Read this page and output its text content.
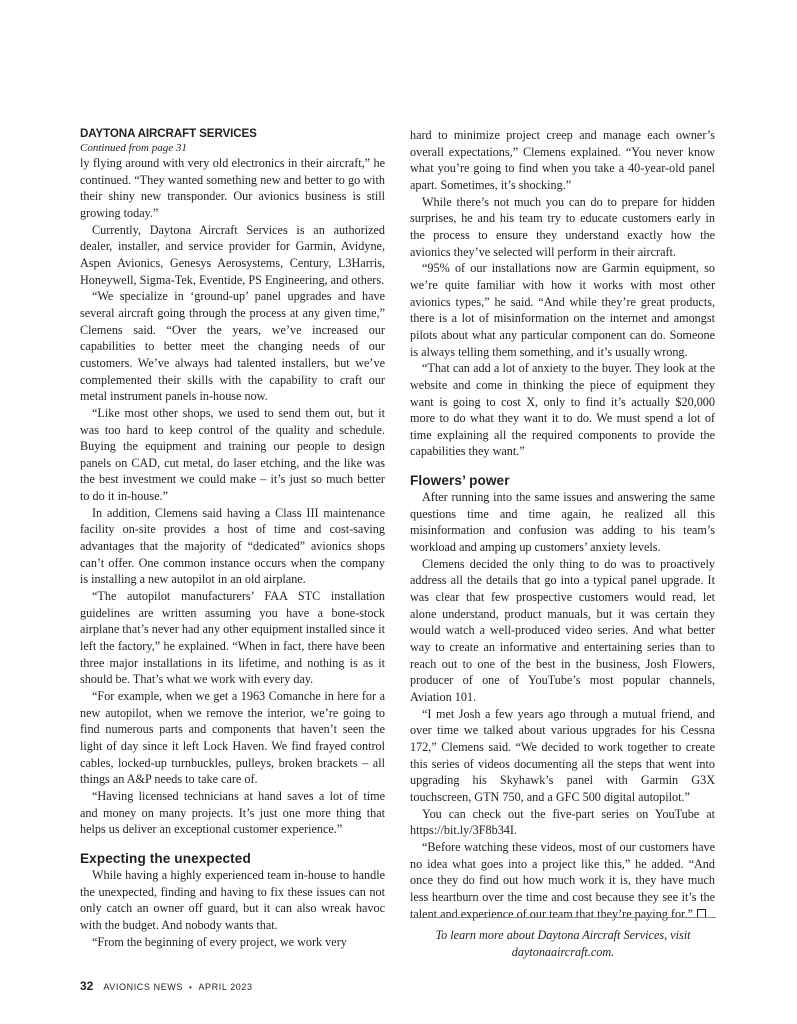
DAYTONA AIRCRAFT SERVICES

Continued from page 31

ly flying around with very old electronics in their aircraft,” he continued. “They wanted something new and better to go with their shiny new transponder. Our avionics business is still growing today.”

Currently, Daytona Aircraft Services is an authorized dealer, installer, and service provider for Garmin, Avidyne, Aspen Avionics, Genesys Aerosystems, Century, L3Harris, Honeywell, Sigma-Tek, Eventide, PS Engineering, and others.

“We specialize in ‘ground-up’ panel upgrades and have several aircraft going through the process at any given time,” Clemens said. “Over the years, we’ve increased our capabilities to better meet the changing needs of our customers. We’ve always had talented installers, but we’ve complemented their skills with the capability to craft our metal instrument panels in-house now.

“Like most other shops, we used to send them out, but it was too hard to keep control of the quality and schedule. Buying the equipment and training our people to design panels on CAD, cut metal, do laser etching, and the like was the best investment we could make – it’s just so much better to do it in-house.”

In addition, Clemens said having a Class III maintenance facility on-site provides a host of time and cost-saving advantages that the majority of “dedicated” avionics shops can’t offer. One common instance occurs when the company is installing a new autopilot in an old airplane.

“The autopilot manufacturers’ FAA STC installation guidelines are written assuming you have a bone-stock airplane that’s never had any other equipment installed since it left the factory,” he explained. “When in fact, there have been three major installations in its lifetime, and nothing is as it should be. That’s what we work with every day.

“For example, when we get a 1963 Comanche in here for a new autopilot, when we remove the interior, we’re going to find numerous parts and components that haven’t seen the light of day since it left Lock Haven. We find frayed control cables, locked-up turnbuckles, pulleys, broken brackets – all things an A&P needs to take care of.

“Having licensed technicians at hand saves a lot of time and money on many projects. It’s just one more thing that helps us deliver an exceptional customer experience.”

Expecting the unexpected

While having a highly experienced team in-house to handle the unexpected, finding and having to fix these issues can not only catch an owner off guard, but it can also wreak havoc with the budget. And nobody wants that.

“From the beginning of every project, we work very

hard to minimize project creep and manage each owner’s overall expectations,” Clemens explained. “You never know what you’re going to find when you take a 40-year-old panel apart. Sometimes, it’s shocking.”

While there’s not much you can do to prepare for hidden surprises, he and his team try to educate customers early in the process to ensure they understand exactly how the avionics they’ve selected will perform in their aircraft.

“95% of our installations now are Garmin equipment, so we’re quite familiar with how it works with most other avionics types,” he said. “And while they’re great products, there is a lot of misinformation on the internet and amongst pilots about what any particular component can do. Someone is always telling them something, and it’s usually wrong.

“That can add a lot of anxiety to the buyer. They look at the website and come in thinking the piece of equipment they want is going to cost X, only to find it’s actually $20,000 more to do what they want it to do. We must spend a lot of time explaining all the required components to provide the capabilities they want.”

Flowers’ power

After running into the same issues and answering the same questions time and time again, he realized all this misinformation and confusion was adding to his team’s workload and amping up customers’ anxiety levels.

Clemens decided the only thing to do was to proactively address all the details that go into a typical panel upgrade. It was clear that few prospective customers would read, let alone understand, product manuals, but it was certain they would watch a well-produced video series. And what better way to create an informative and entertaining series than to reach out to one of the best in the business, Josh Flowers, producer of one of YouTube’s most popular channels, Aviation 101.

“I met Josh a few years ago through a mutual friend, and over time we talked about various upgrades for his Cessna 172,” Clemens said. “We decided to work together to create this series of videos documenting all the steps that went into upgrading his Skyhawk’s panel with Garmin G3X touchscreen, GTN 750, and a GFC 500 digital autopilot.”

You can check out the five-part series on YouTube at https://bit.ly/3F8b34I.

“Before watching these videos, most of our customers have no idea what goes into a project like this,” he added. “And once they do find out how much work it is, they have much less heartburn over the time and cost because they see it’s the talent and experience of our team that they’re paying for.”

To learn more about Daytona Aircraft Services, visit
daytonaaircraft.com.
32 AVIONICS NEWS • APRIL 2023
